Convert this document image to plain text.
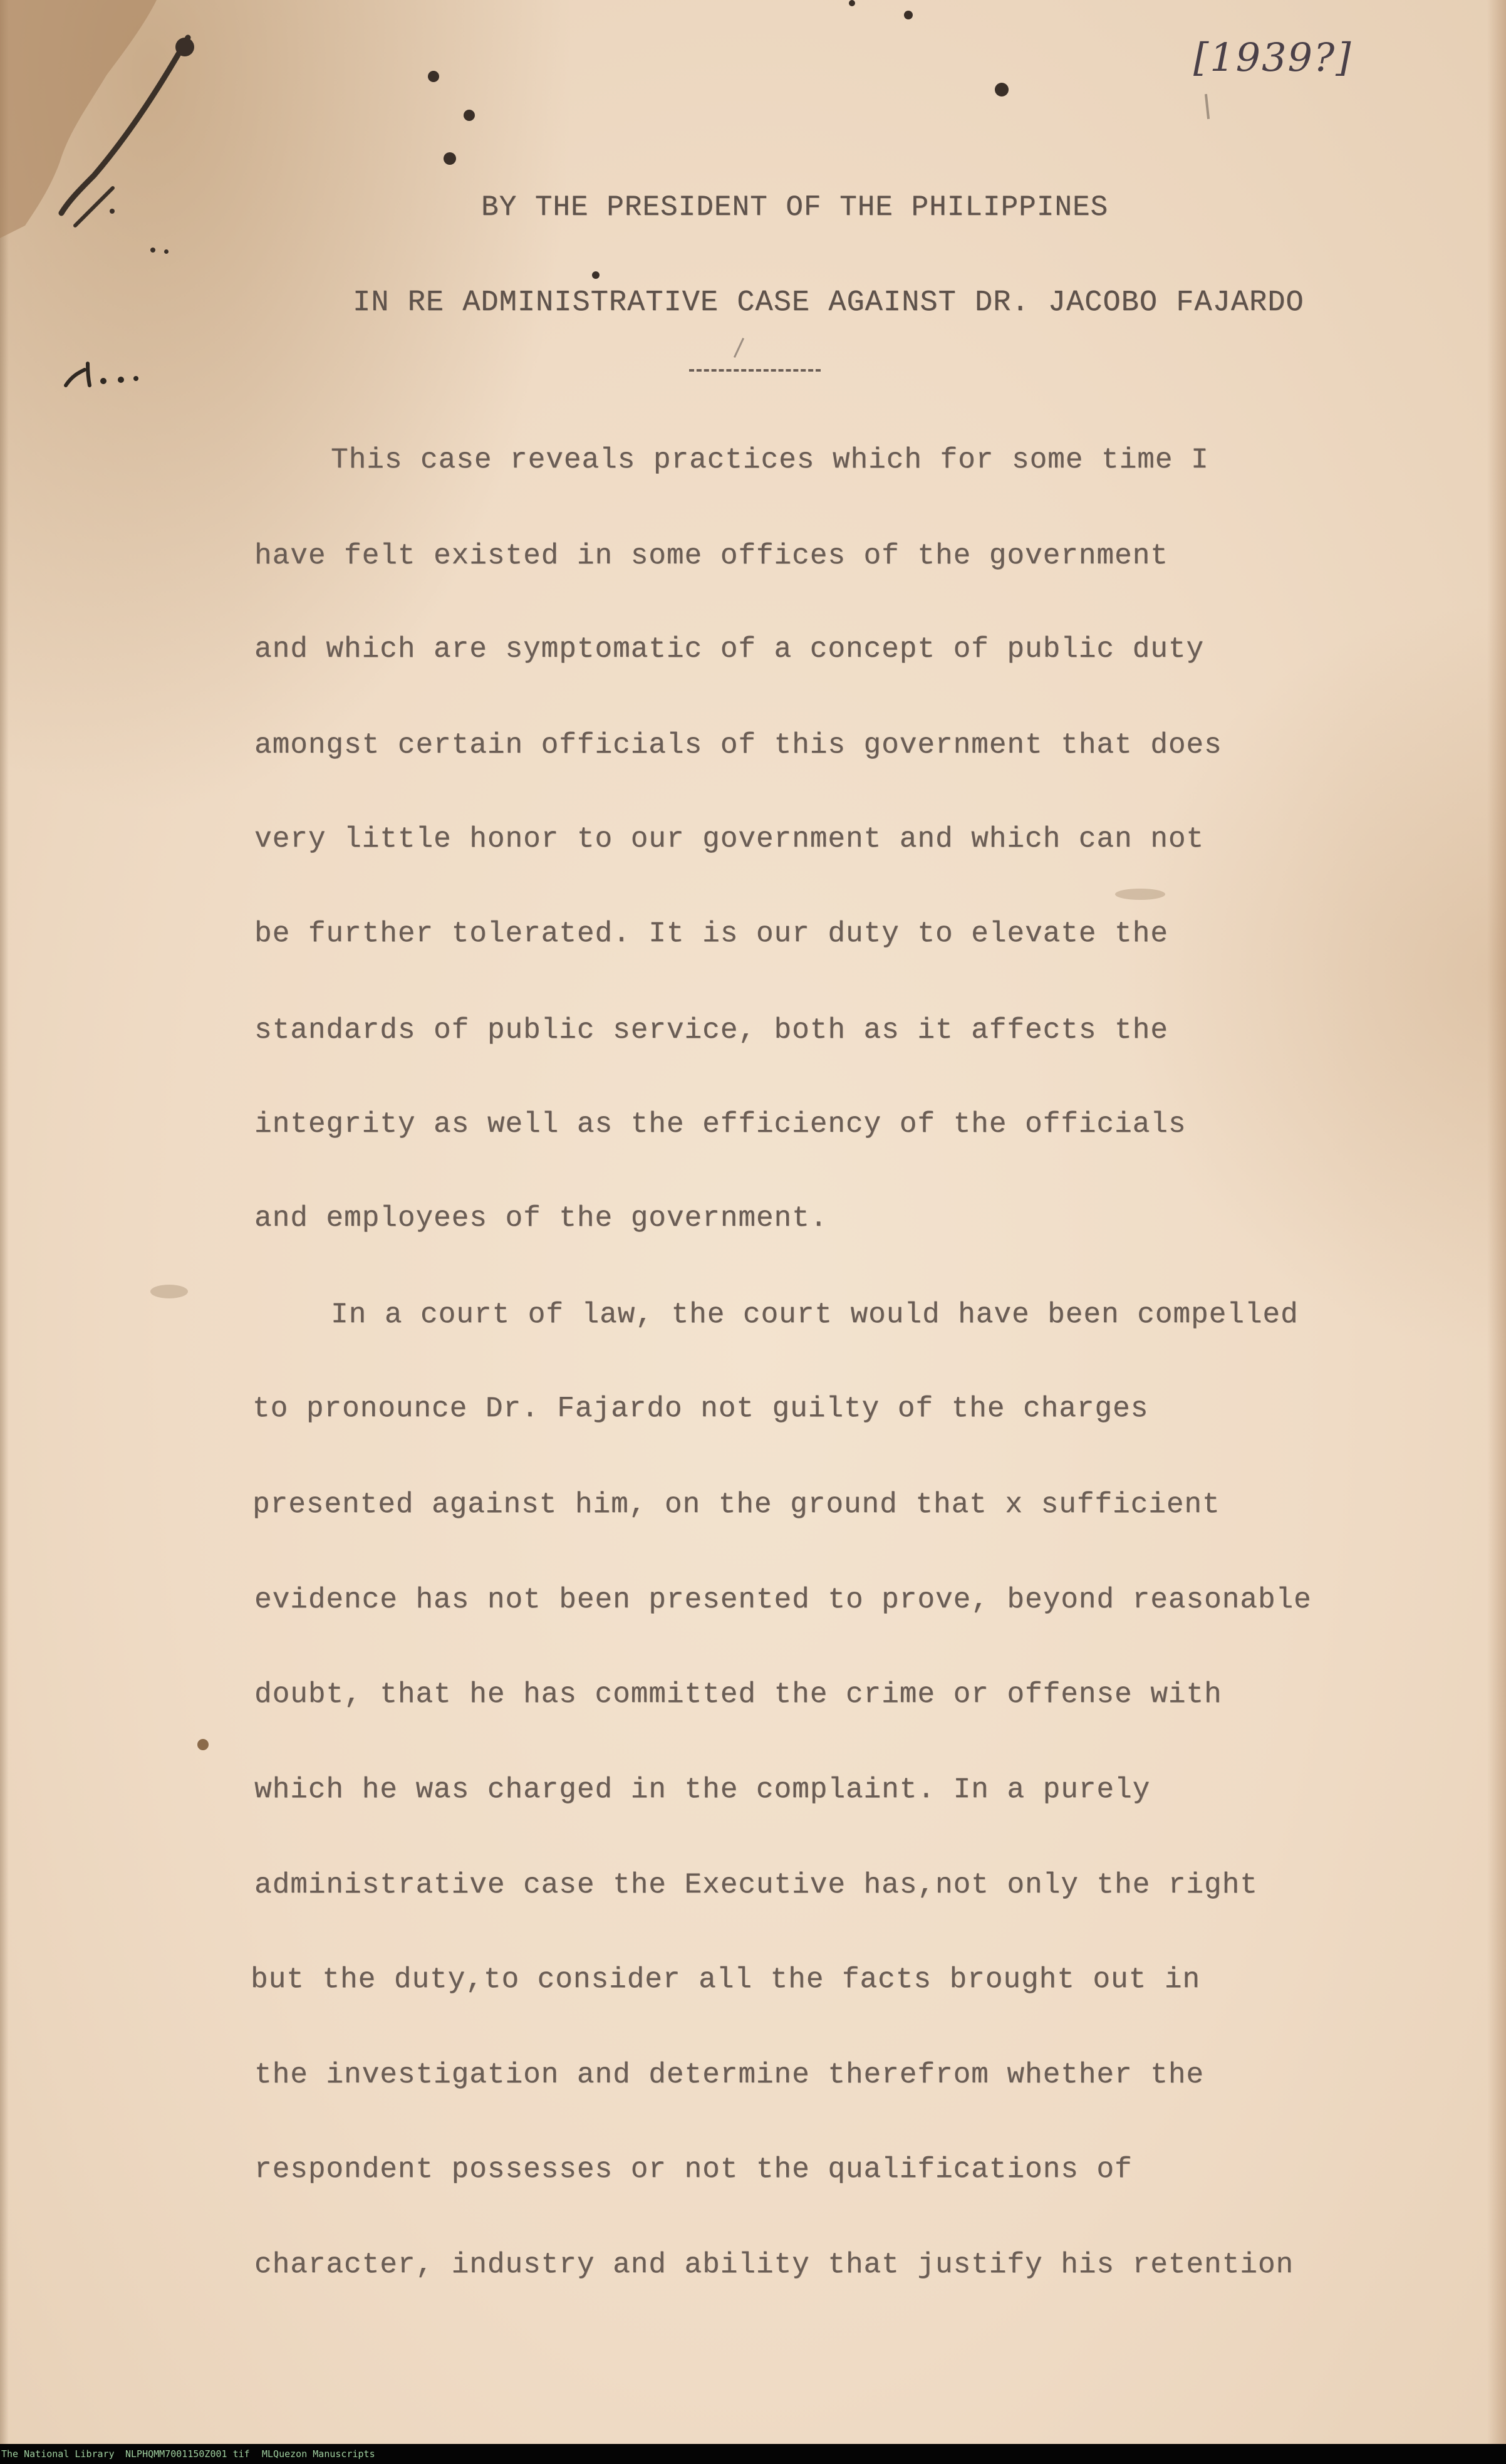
[1939?]
BY THE PRESIDENT OF THE PHILIPPINES
IN RE ADMINISTRATIVE CASE AGAINST DR. JACOBO FAJARDO
This case reveals practices which for some time I
have felt existed in some offices of the government
and which are symptomatic of a concept of public duty
amongst certain officials of this government that does
very little honor to our government and which can not
be further tolerated. It is our duty to elevate the
standards of public service, both as it affects the
integrity as well as the efficiency of the officials
and employees of the government.
In a court of law, the court would have been compelled
to pronounce Dr. Fajardo not guilty of the charges
presented against him, on the ground that x sufficient
evidence has not been presented to prove, beyond reasonable
doubt, that he has committed the crime or offense with
which he was charged in the complaint. In a purely
administrative case the Executive has,not only the right
but the duty,to consider all the facts brought out in
the investigation and determine therefrom whether the
respondent possesses or not the qualifications of
character, industry and ability that justify his retention
The National Library NLPHQMM7001150Z001 tif MLQuezon Manuscripts
